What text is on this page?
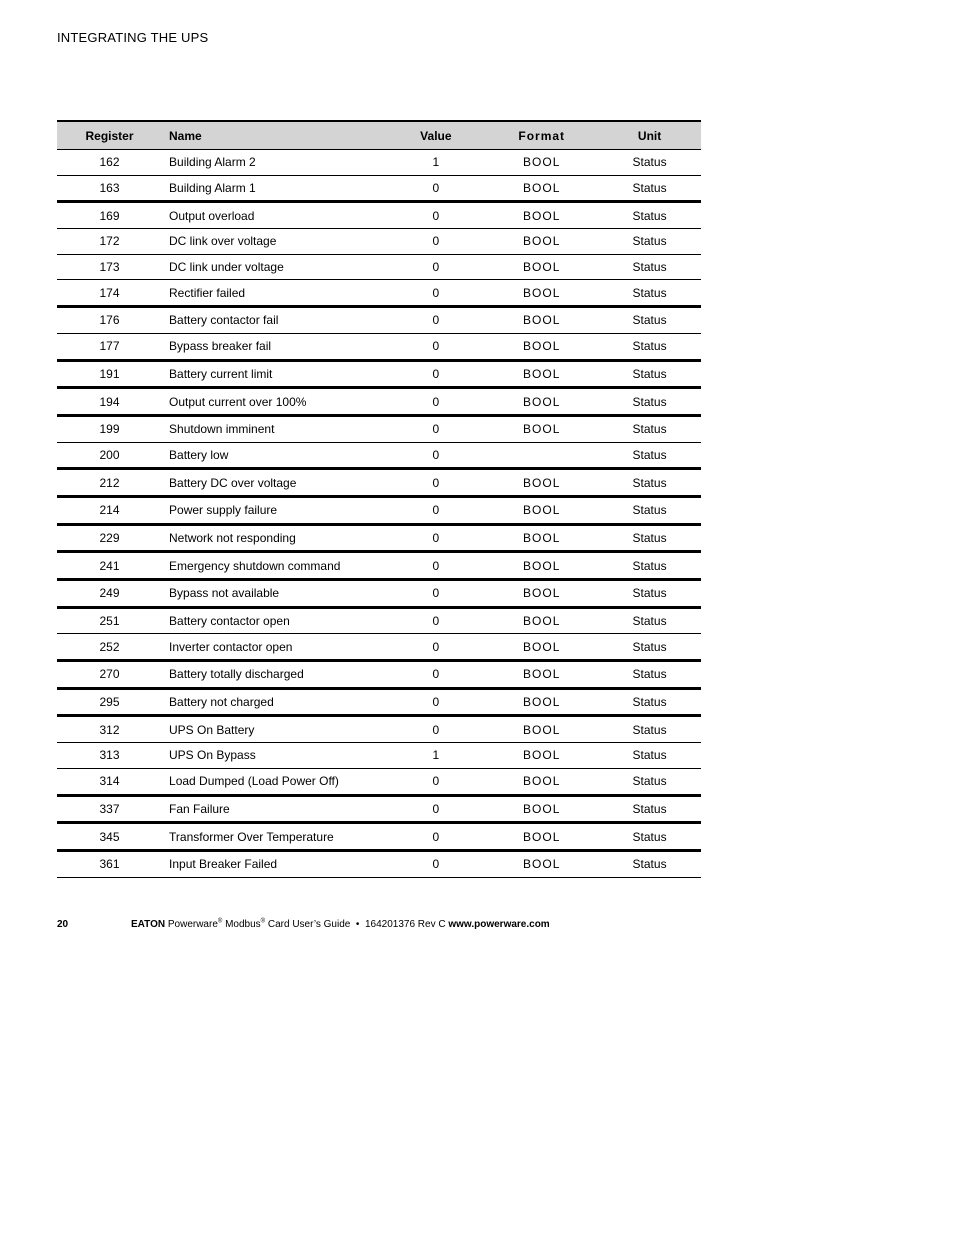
INTEGRATING THE UPS
Register	Name	Value	Format	Unit
162	Building Alarm 2	1	BOOL	Status
163	Building Alarm 1	0	BOOL	Status
169	Output overload	0	BOOL	Status
172	DC link over voltage	0	BOOL	Status
173	DC link under voltage	0	BOOL	Status
174	Rectifier failed	0	BOOL	Status
176	Battery contactor fail	0	BOOL	Status
177	Bypass breaker fail	0	BOOL	Status
191	Battery current limit	0	BOOL	Status
194	Output current over 100%	0	BOOL	Status
199	Shutdown imminent	0	BOOL	Status
200	Battery low	0		Status
212	Battery DC over voltage	0	BOOL	Status
214	Power supply failure	0	BOOL	Status
229	Network not responding	0	BOOL	Status
241	Emergency shutdown command	0	BOOL	Status
249	Bypass not available	0	BOOL	Status
251	Battery contactor open	0	BOOL	Status
252	Inverter contactor open	0	BOOL	Status
270	Battery totally discharged	0	BOOL	Status
295	Battery not charged	0	BOOL	Status
312	UPS On Battery	0	BOOL	Status
313	UPS On Bypass	1	BOOL	Status
314	Load Dumped (Load Power Off)	0	BOOL	Status
337	Fan Failure	0	BOOL	Status
345	Transformer Over Temperature	0	BOOL	Status
361	Input Breaker Failed	0	BOOL	Status
20	EATON Powerware® Modbus® Card User’s Guide • 164201376 Rev C www.powerware.com
